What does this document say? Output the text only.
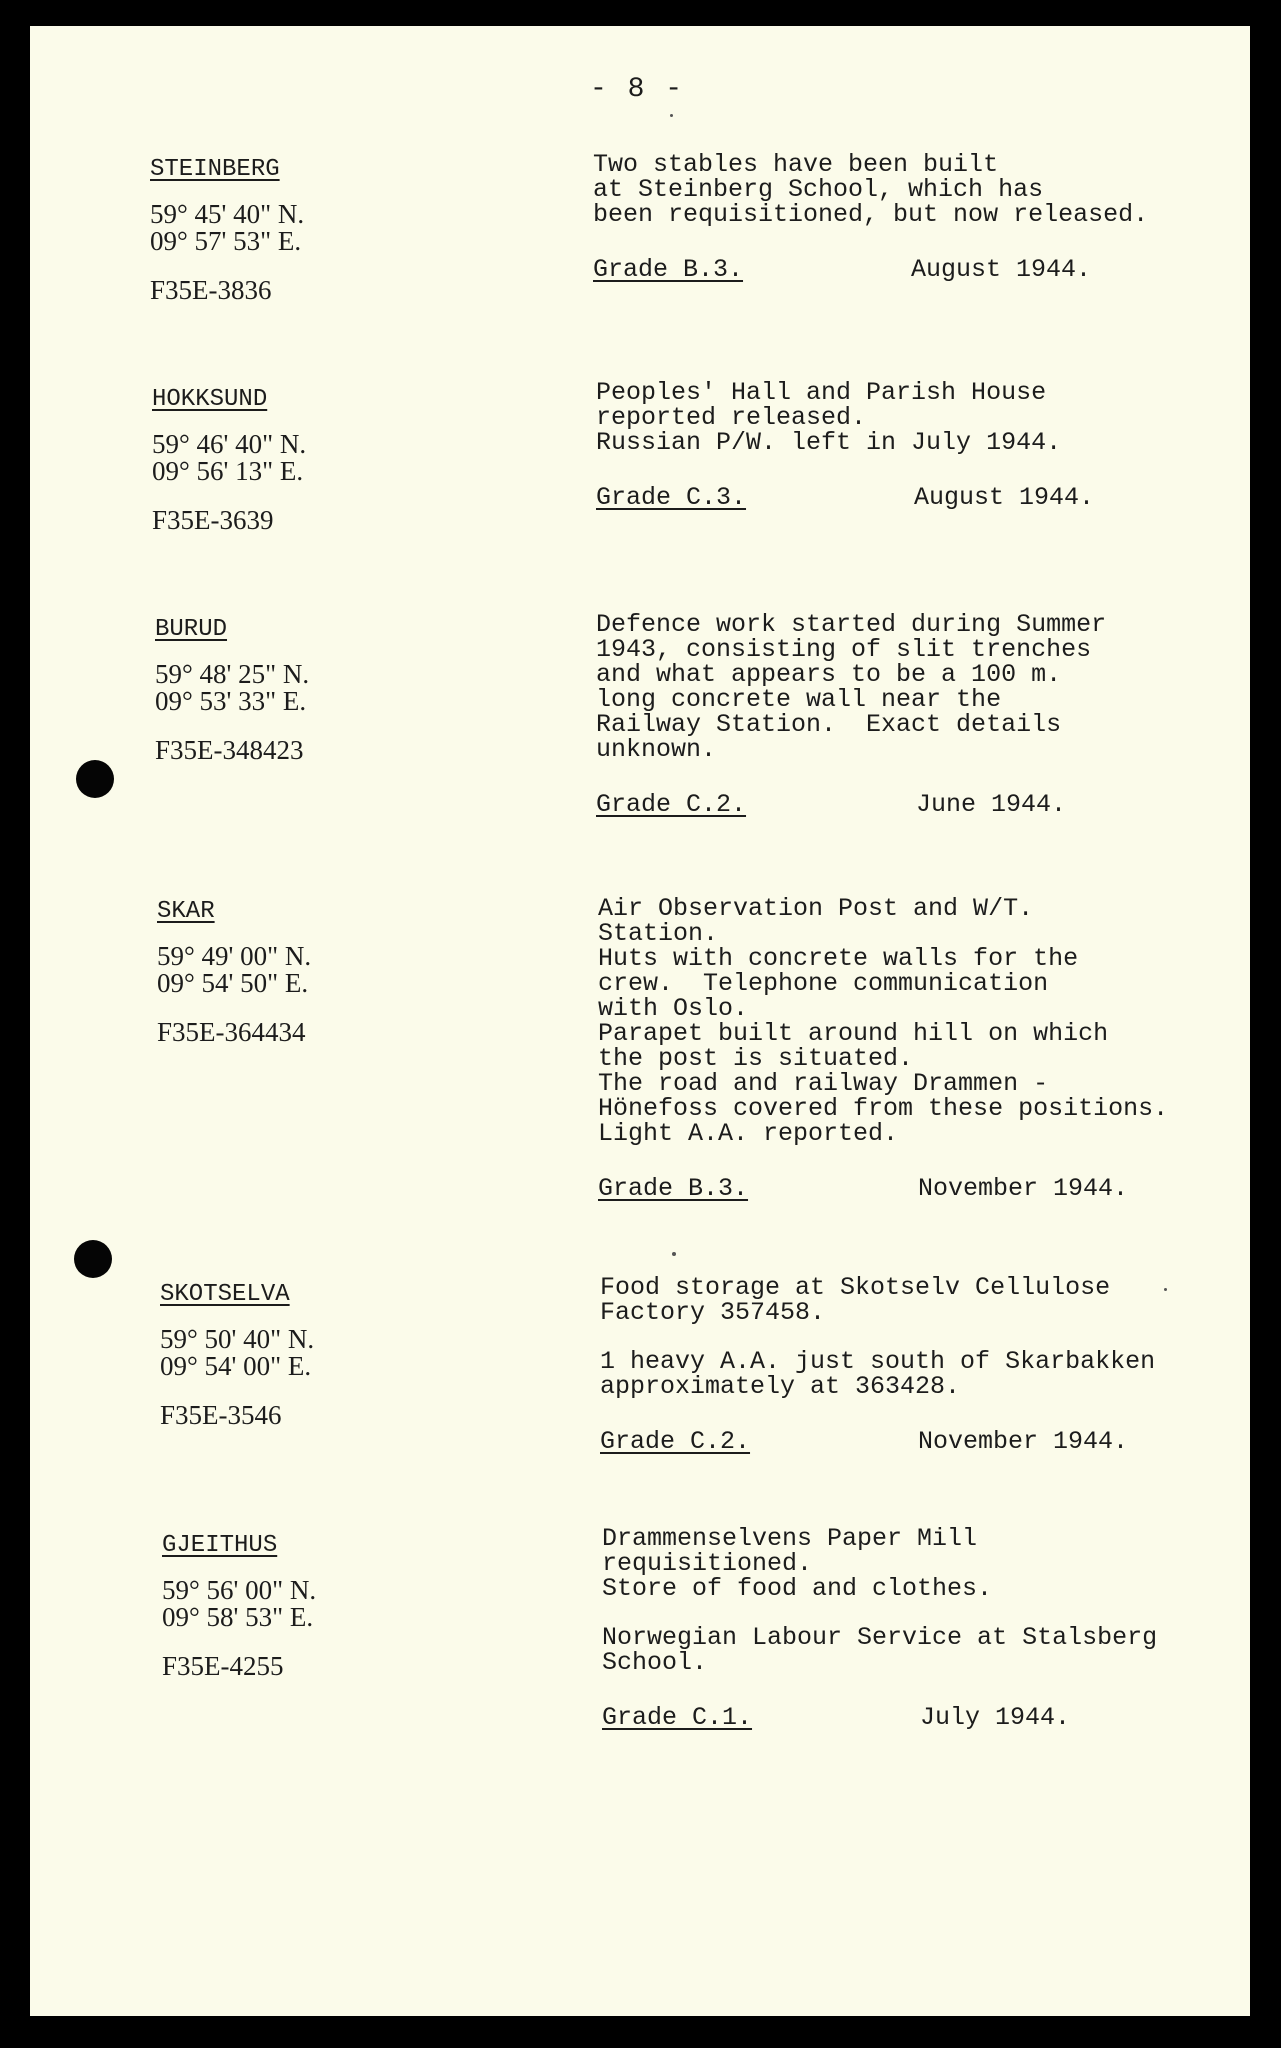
- 8 -
STEINBERG
59° 45' 40" N.
09° 57' 53" E.
F35E-3836
Two stables have been built
at Steinberg School, which has
been requisitioned, but now released.
Grade B.3.	August 1944.
HOKKSUND
59° 46' 40" N.
09° 56' 13" E.
F35E-3639
Peoples' Hall and Parish House
reported released.
Russian P/W. left in July 1944.
Grade C.3.	August 1944.
BURUD
59° 48' 25" N.
09° 53' 33" E.
F35E-348423
Defence work started during Summer
1943, consisting of slit trenches
and what appears to be a 100 m.
long concrete wall near the
Railway Station.  Exact details
unknown.
Grade C.2.	June 1944.
SKAR
59° 49' 00" N.
09° 54' 50" E.
F35E-364434
Air Observation Post and W/T.
Station.
Huts with concrete walls for the
crew.  Telephone communication
with Oslo.
Parapet built around hill on which
the post is situated.
The road and railway Drammen -
Hönefoss covered from these positions.
Light A.A. reported.
Grade B.3.	November 1944.
SKOTSELVA
59° 50' 40" N.
09° 54' 00" E.
F35E-3546
Food storage at Skotselv Cellulose
Factory 357458.
1 heavy A.A. just south of Skarbakken
approximately at 363428.
Grade C.2.	November 1944.
GJEITHUS
59° 56' 00" N.
09° 58' 53" E.
F35E-4255
Drammenselvens Paper Mill
requisitioned.
Store of food and clothes.
Norwegian Labour Service at Stalsberg
School.
Grade C.1.	July 1944.
